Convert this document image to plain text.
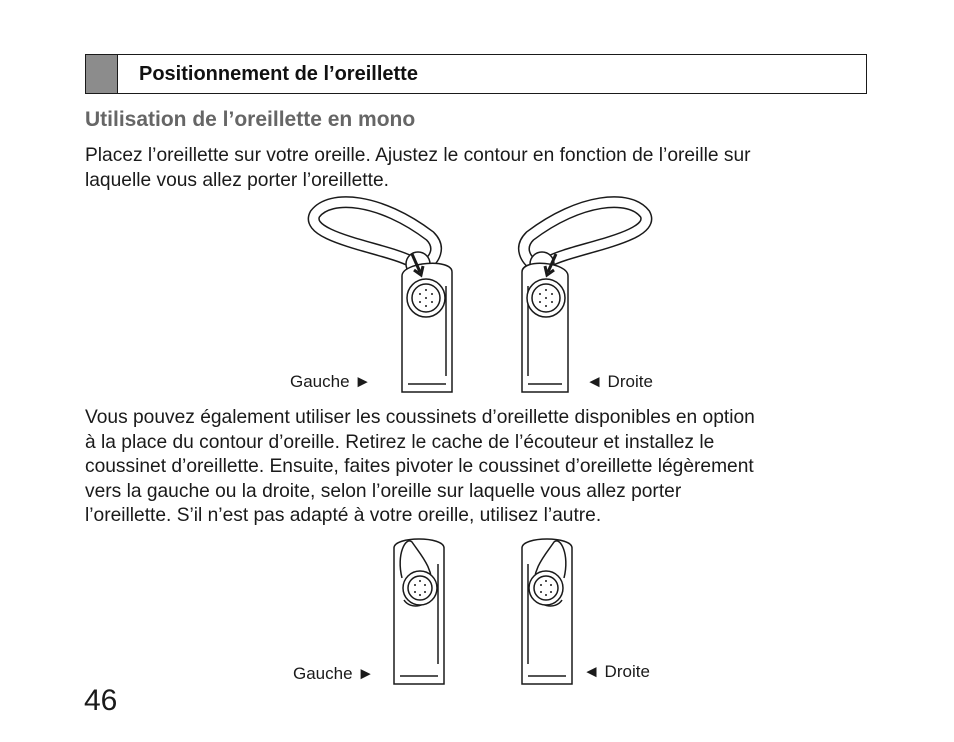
Positionnement de l’oreillette
Utilisation de l’oreillette en mono
Placez l’oreillette sur votre oreille. Ajustez le contour en fonction de l’oreille sur
laquelle vous allez porter l’oreillette.
Gauche ►	◄ Droite
Vous pouvez également utiliser les coussinets d’oreillette disponibles en option
à la place du contour d’oreille. Retirez le cache de l’écouteur et installez le
coussinet d’oreillette. Ensuite, faites pivoter le coussinet d’oreillette légèrement
vers la gauche ou la droite, selon l’oreille sur laquelle vous allez porter
l’oreillette. S’il n’est pas adapté à votre oreille, utilisez l’autre.
Gauche ►	◄ Droite
46
